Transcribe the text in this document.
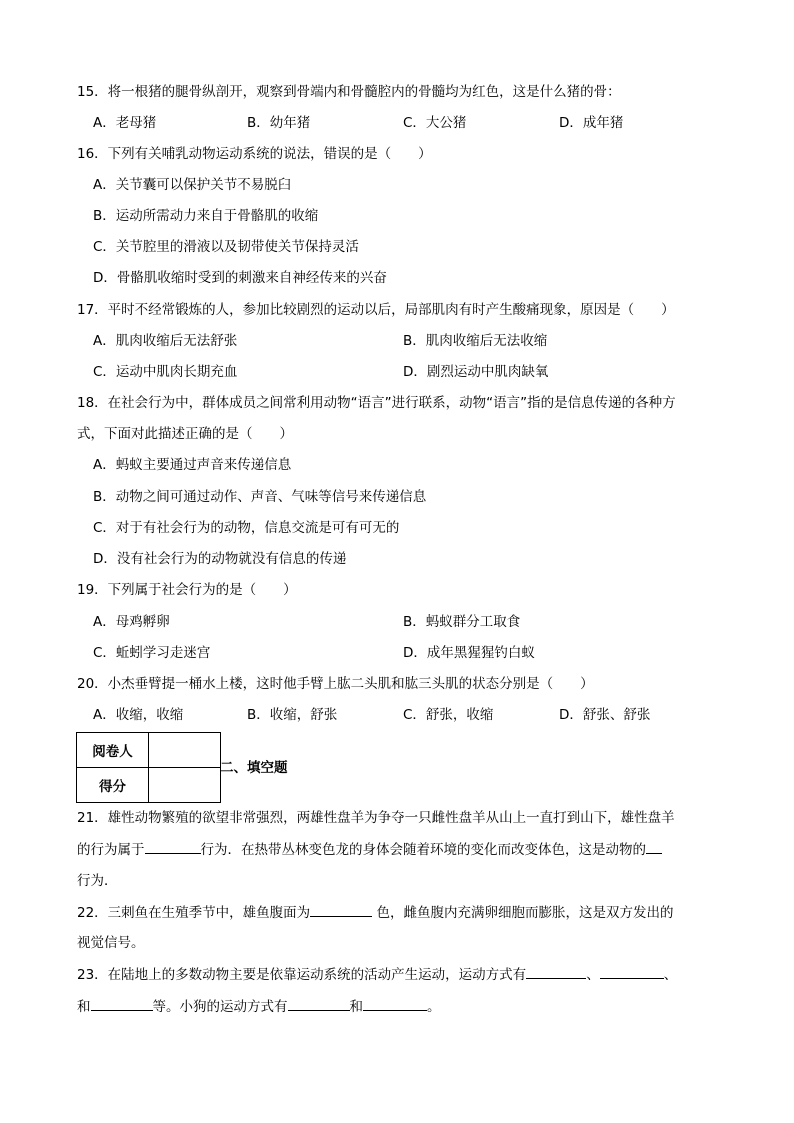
15．将一根猪的腿骨纵剖开，观察到骨端内和骨髓腔内的骨髓均为红色，这是什么猪的骨：
A．老母猪	B．幼年猪	C．大公猪	D．成年猪
16．下列有关哺乳动物运动系统的说法，错误的是（　　）
A．关节囊可以保护关节不易脱臼
B．运动所需动力来自于骨骼肌的收缩
C．关节腔里的滑液以及韧带使关节保持灵活
D．骨骼肌收缩时受到的刺激来自神经传来的兴奋
17．平时不经常锻炼的人，参加比较剧烈的运动以后，局部肌肉有时产生酸痛现象，原因是（　　）
A．肌肉收缩后无法舒张	B．肌肉收缩后无法收缩
C．运动中肌肉长期充血	D．剧烈运动中肌肉缺氧
18．在社会行为中，群体成员之间常利用动物“语言”进行联系，动物“语言”指的是信息传递的各种方
式，下面对此描述正确的是（　　）
A．蚂蚁主要通过声音来传递信息
B．动物之间可通过动作、声音、气味等信号来传递信息
C．对于有社会行为的动物，信息交流是可有可无的
D．没有社会行为的动物就没有信息的传递
19．下列属于社会行为的是（　　）
A．母鸡孵卵	B．蚂蚁群分工取食
C．蚯蚓学习走迷宫	D．成年黑猩猩钓白蚁
20．小杰垂臂提一桶水上楼，这时他手臂上肱二头肌和肱三头肌的状态分别是（　　）
A．收缩，收缩	B．收缩，舒张	C．舒张，收缩	D．舒张、舒张
阅卷人	
得分	
二、填空题
21．雄性动物繁殖的欲望非常强烈，两雄性盘羊为争夺一只雌性盘羊从山上一直打到山下，雄性盘羊
的行为属于	行为．在热带丛林变色龙的身体会随着环境的变化而改变体色，这是动物的
行为．
22．三刺鱼在生殖季节中，雄鱼腹面为	色，雌鱼腹内充满卵细胞而膨胀，这是双方发出的
视觉信号。
23．在陆地上的多数动物主要是依靠运动系统的活动产生运动，运动方式有	、	、
和	等。小狗的运动方式有	和	。
